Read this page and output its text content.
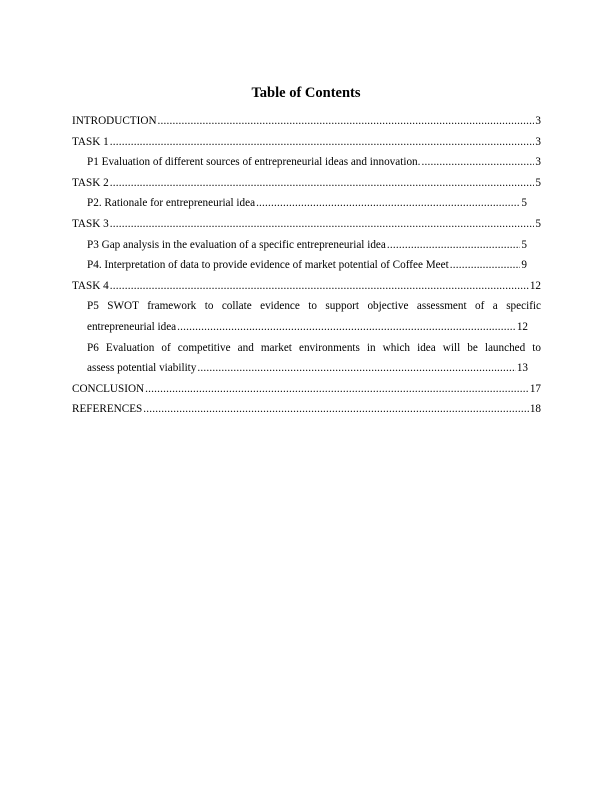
Table of Contents
INTRODUCTION .....	3
TASK 1 .....	3
P1 Evaluation of different sources of entrepreneurial ideas and innovation. .....	3
TASK 2 .....	5
P2. Rationale for entrepreneurial idea .....	5
TASK 3 .....	5
P3 Gap analysis in the evaluation of a specific entrepreneurial idea .....	5
P4. Interpretation of data to provide evidence of market potential of Coffee Meet .....	9
TASK 4 .....	12
P5 SWOT framework to collate evidence to support objective assessment of a specific
entrepreneurial idea .....	12
P6 Evaluation of competitive and market environments in which idea will be launched to
assess potential viability .....	13
CONCLUSION .....	17
REFERENCES .....	18
